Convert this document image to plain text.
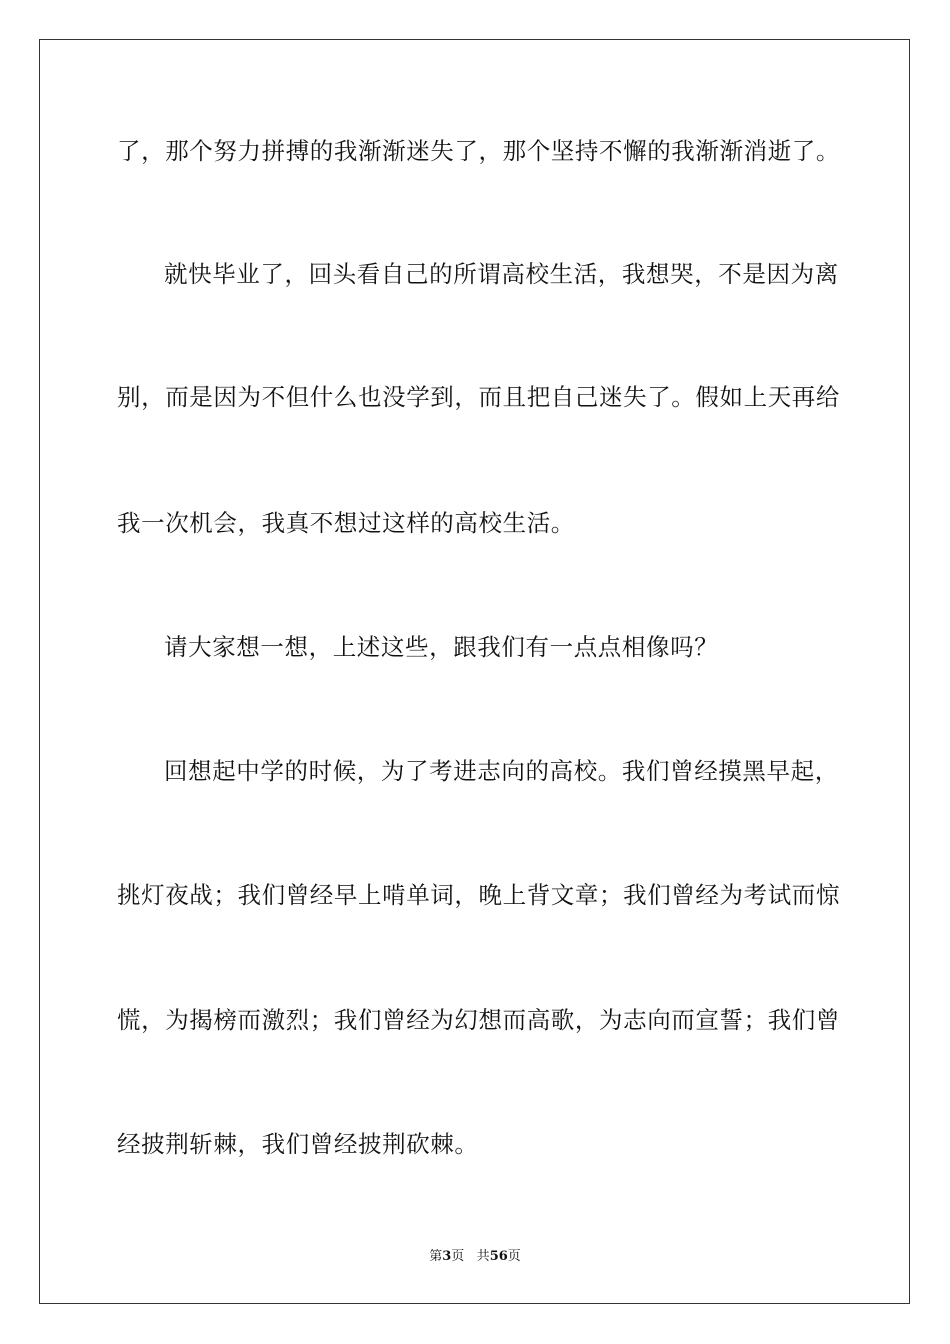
了，那个努力拼搏的我渐渐迷失了，那个坚持不懈的我渐渐消逝了。
就快毕业了，回头看自己的所谓高校生活，我想哭，不是因为离
别，而是因为不但什么也没学到，而且把自己迷失了。假如上天再给
我一次机会，我真不想过这样的高校生活。
请大家想一想，上述这些，跟我们有一点点相像吗？
回想起中学的时候，为了考进志向的高校。我们曾经摸黑早起，
挑灯夜战；我们曾经早上啃单词，晚上背文章；我们曾经为考试而惊
慌，为揭榜而激烈；我们曾经为幻想而高歌，为志向而宣誓；我们曾
经披荆斩棘，我们曾经披荆砍棘。
第3页 共56页
